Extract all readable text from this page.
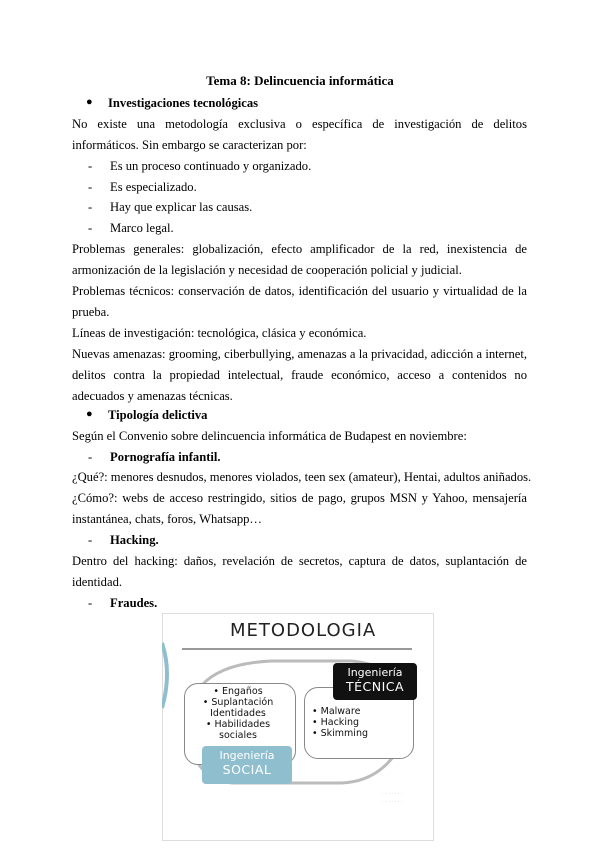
Tema 8: Delincuencia informática
● Investigaciones tecnológicas
No existe una metodología exclusiva o específica de investigación de delitos informáticos. Sin embargo se caracterizan por:
- Es un proceso continuado y organizado.
- Es especializado.
- Hay que explicar las causas.
- Marco legal.
Problemas generales: globalización, efecto amplificador de la red, inexistencia de armonización de la legislación y necesidad de cooperación policial y judicial.
Problemas técnicos: conservación de datos, identificación del usuario y virtualidad de la prueba.
Líneas de investigación: tecnológica, clásica y económica.
Nuevas amenazas: grooming, ciberbullying, amenazas a la privacidad, adicción a internet, delitos contra la propiedad intelectual, fraude económico, acceso a contenidos no adecuados y amenazas técnicas.
● Tipología delictiva
Según el Convenio sobre delincuencia informática de Budapest en noviembre:
- Pornografía infantil.
¿Qué?: menores desnudos, menores violados, teen sex (amateur), Hentai, adultos aniñados.
¿Cómo?: webs de acceso restringido, sitios de pago, grupos MSN y Yahoo, mensajería instantánea, chats, foros, Whatsapp…
- Hacking.
Dentro del hacking: daños, revelación de secretos, captura de datos, suplantación de identidad.
- Fraudes.
· · · · · · ·
· · · · · · ·
METODOLOGIA
• Engaños
• Suplantación
Identidades
• Habilidades
sociales
• Malware
• Hacking
• Skimming
Ingeniería
TÉCNICA
Ingeniería
SOCIAL
